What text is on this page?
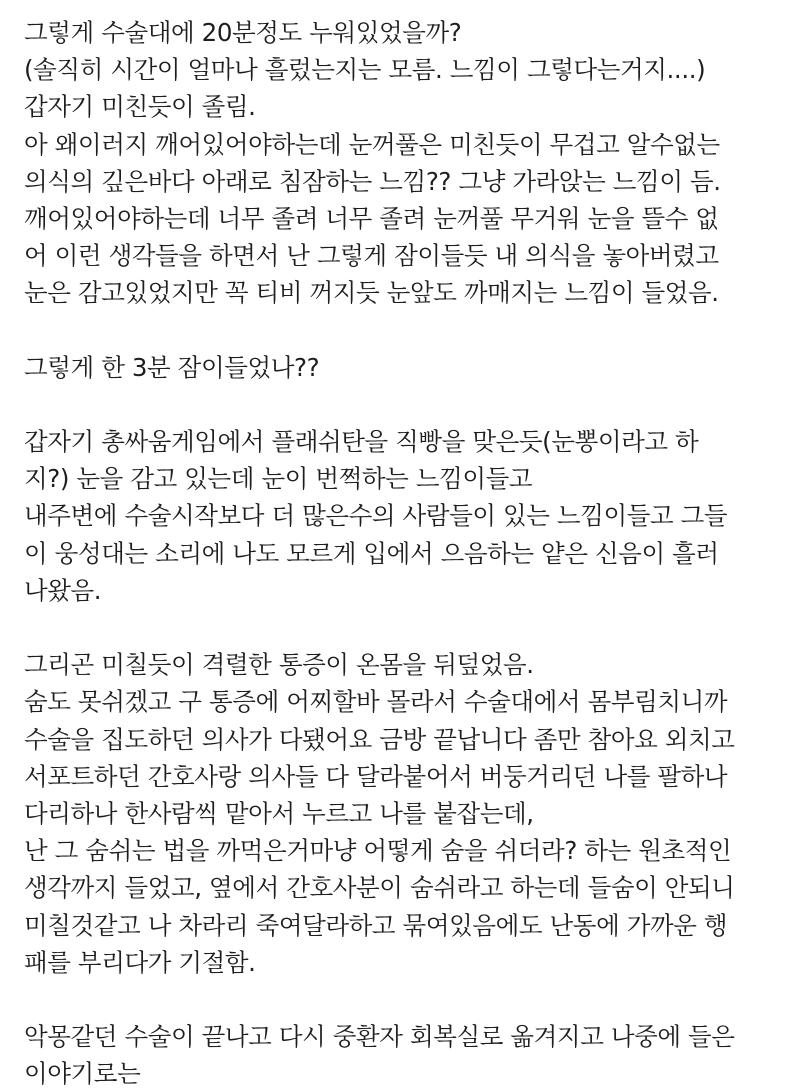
그렇게 수술대에 20분정도 누워있었을까?
(솔직히 시간이 얼마나 흘렀는지는 모름. 느낌이 그렇다는거지....)
갑자기 미친듯이 졸림.
아 왜이러지 깨어있어야하는데 눈꺼풀은 미친듯이 무겁고 알수없는
의식의 깊은바다 아래로 침잠하는 느낌?? 그냥 가라앉는 느낌이 듬.
깨어있어야하는데 너무 졸려 너무 졸려 눈꺼풀 무거워 눈을 뜰수 없
어 이런 생각들을 하면서 난 그렇게 잠이들듯 내 의식을 놓아버렸고
눈은 감고있었지만 꼭 티비 꺼지듯 눈앞도 까매지는 느낌이 들었음.
그렇게 한 3분 잠이들었나??
갑자기 총싸움게임에서 플래쉬탄을 직빵을 맞은듯(눈뽕이라고 하
지?) 눈을 감고 있는데 눈이 번쩍하는 느낌이들고
내주변에 수술시작보다 더 많은수의 사람들이 있는 느낌이들고 그들
이 웅성대는 소리에 나도 모르게 입에서 으음하는 얕은 신음이 흘러
나왔음.
그리곤 미칠듯이 격렬한 통증이 온몸을 뒤덮었음.
숨도 못쉬겠고 구 통증에 어찌할바 몰라서 수술대에서 몸부림치니까
수술을 집도하던 의사가 다됐어요 금방 끝납니다 좀만 참아요 외치고
서포트하던 간호사랑 의사들 다 달라붙어서 버둥거리던 나를 팔하나
다리하나 한사람씩 맡아서 누르고 나를 붙잡는데,
난 그 숨쉬는 법을 까먹은거마냥 어떻게 숨을 쉬더라? 하는 원초적인
생각까지 들었고, 옆에서 간호사분이 숨쉬라고 하는데 들숨이 안되니
미칠것같고 나 차라리 죽여달라하고 묶여있음에도 난동에 가까운 행
패를 부리다가 기절함.
악몽같던 수술이 끝나고 다시 중환자 회복실로 옮겨지고 나중에 들은
이야기로는
